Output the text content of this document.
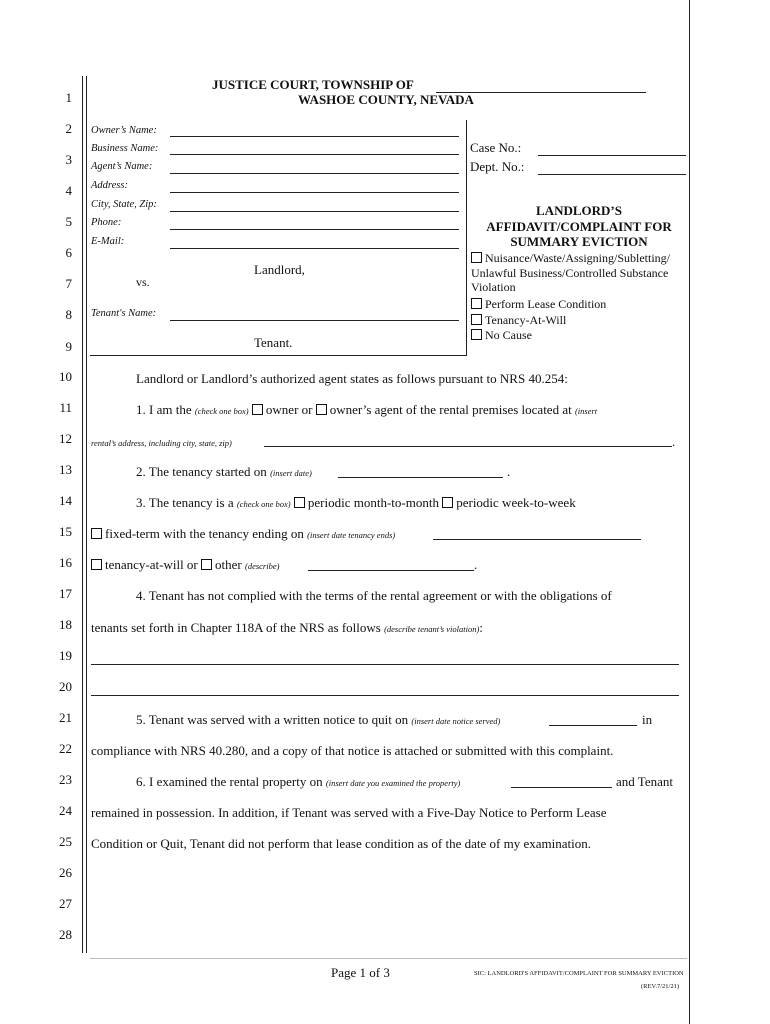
1
2
3
4
5
6
7
8
9
10
11
12
13
14
15
16
17
18
19
20
21
22
23
24
25
26
27
28
JUSTICE COURT, TOWNSHIP OF
WASHOE COUNTY, NEVADA
Owner’s Name:
Business Name:
Agent’s Name:
Address:
City, State, Zip:
Phone:
E-Mail:
Landlord,
vs.
Tenant's Name:
Tenant.
Case No.:
Dept. No.:
LANDLORD’S
AFFIDAVIT/COMPLAINT FOR
SUMMARY EVICTION
Nuisance/Waste/Assigning/Subletting/
Unlawful Business/Controlled Substance
Violation
Perform Lease Condition
Tenancy-At-Will
No Cause
Landlord or Landlord’s authorized agent states as follows pursuant to NRS 40.254:
1. I am the (check one box) owner or owner’s agent of the rental premises located at (insert
rental’s address, including city, state, zip)	.
2. The tenancy started on (insert date)	.
3. The tenancy is a (check one box) periodic month-to-month periodic week-to-week
fixed-term with the tenancy ending on (insert date tenancy ends)
tenancy-at-will or other (describe)	.
4. Tenant has not complied with the terms of the rental agreement or with the obligations of
tenants set forth in Chapter 118A of the NRS as follows (describe tenant’s violation):
5. Tenant was served with a written notice to quit on (insert date notice served)	in
compliance with NRS 40.280, and a copy of that notice is attached or submitted with this complaint.
6. I examined the rental property on (insert date you examined the property)	and Tenant
remained in possession. In addition, if Tenant was served with a Five-Day Notice to Perform Lease
Condition or Quit, Tenant did not perform that lease condition as of the date of my examination.
Page 1 of 3	SIC: LANDLORD'S AFFIDAVIT/COMPLAINT FOR SUMMARY EVICTION
(REV.7/21/21)
